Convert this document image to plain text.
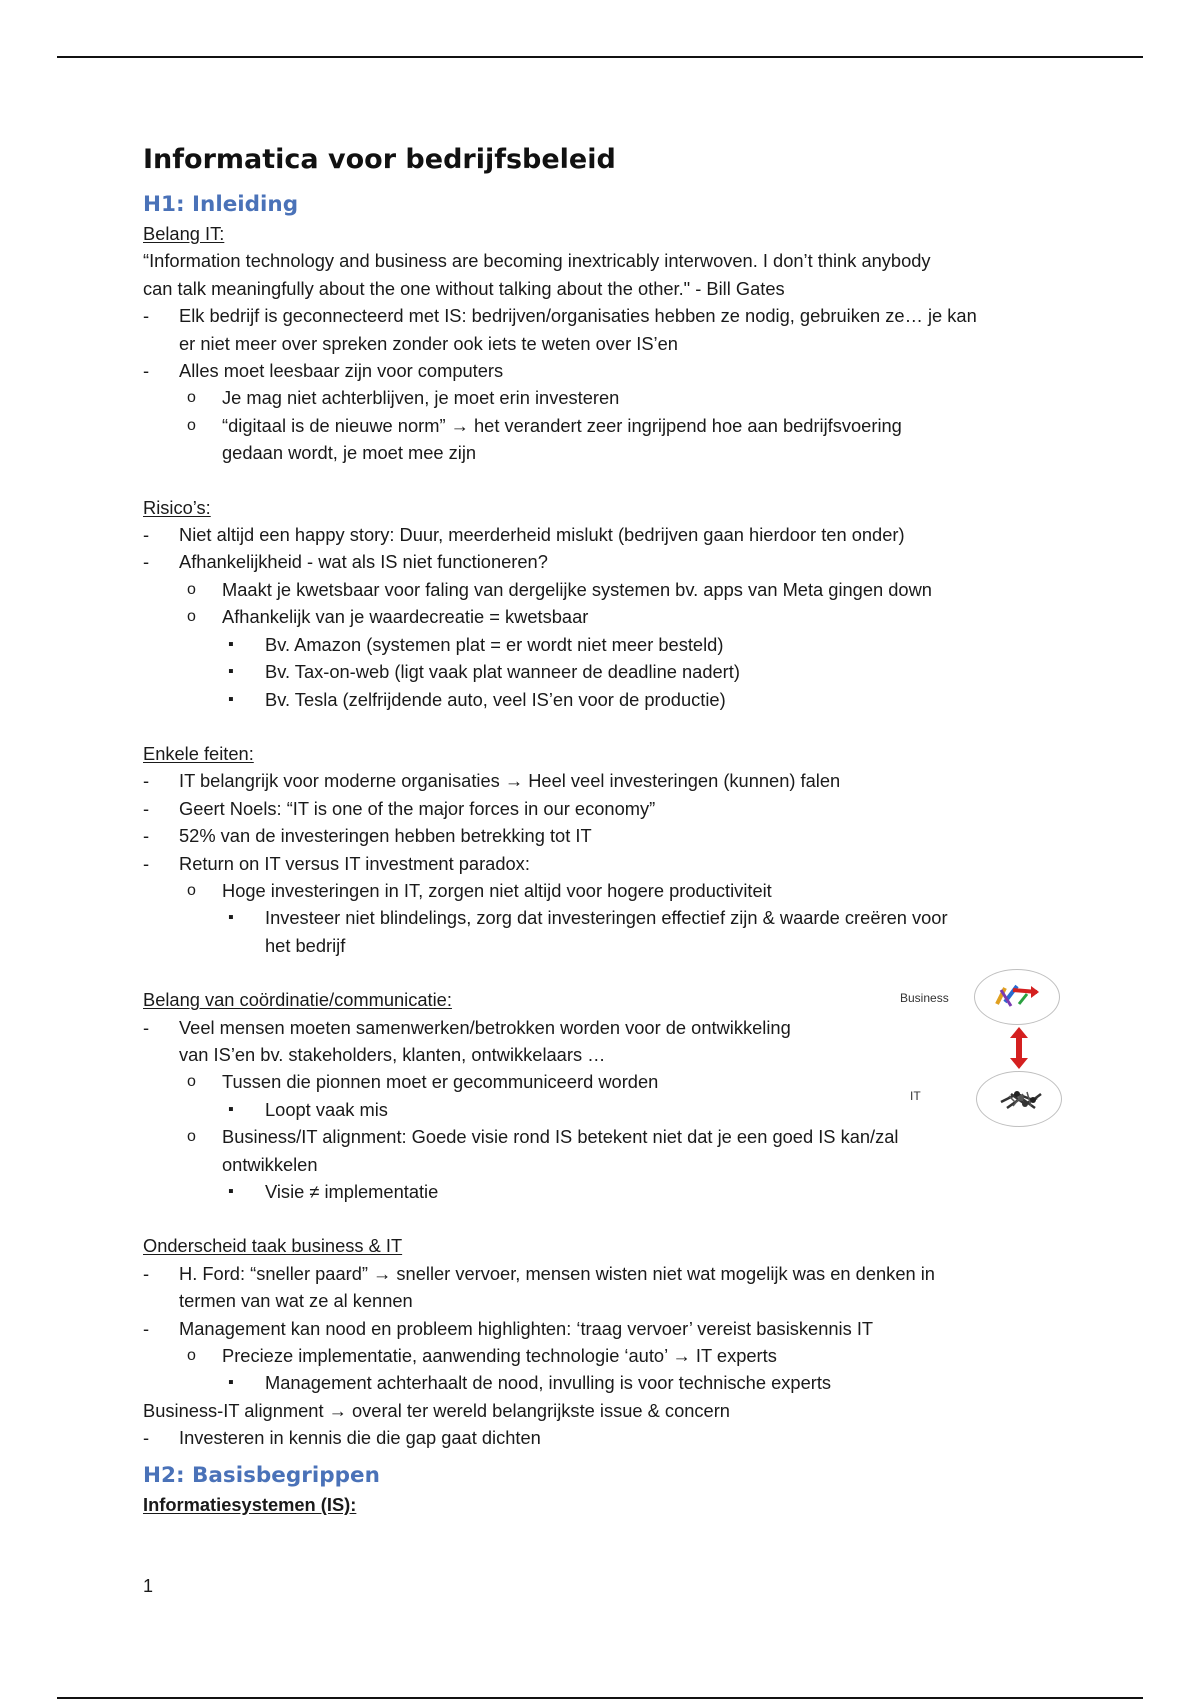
Informatica voor bedrijfsbeleid
H1: Inleiding
Belang IT:
“Information technology and business are becoming inextricably interwoven. I don’t think anybody
can talk meaningfully about the one without talking about the other." - Bill Gates
- Elk bedrijf is geconnecteerd met IS: bedrijven/organisaties hebben ze nodig, gebruiken ze… je kan
er niet meer over spreken zonder ook iets te weten over IS’en
- Alles moet leesbaar zijn voor computers
o Je mag niet achterblijven, je moet erin investeren
o “digitaal is de nieuwe norm” → het verandert zeer ingrijpend hoe aan bedrijfsvoering
gedaan wordt, je moet mee zijn
Risico’s:
- Niet altijd een happy story: Duur, meerderheid mislukt (bedrijven gaan hierdoor ten onder)
- Afhankelijkheid - wat als IS niet functioneren?
o Maakt je kwetsbaar voor faling van dergelijke systemen bv. apps van Meta gingen down
o Afhankelijk van je waardecreatie = kwetsbaar
▪ Bv. Amazon (systemen plat = er wordt niet meer besteld)
▪ Bv. Tax-on-web (ligt vaak plat wanneer de deadline nadert)
▪ Bv. Tesla (zelfrijdende auto, veel IS’en voor de productie)
Enkele feiten:
- IT belangrijk voor moderne organisaties → Heel veel investeringen (kunnen) falen
- Geert Noels: “IT is one of the major forces in our economy”
- 52% van de investeringen hebben betrekking tot IT
- Return on IT versus IT investment paradox:
o Hoge investeringen in IT, zorgen niet altijd voor hogere productiviteit
▪ Investeer niet blindelings, zorg dat investeringen effectief zijn & waarde creëren voor
het bedrijf
Belang van coördinatie/communicatie:
- Veel mensen moeten samenwerken/betrokken worden voor de ontwikkeling
van IS’en bv. stakeholders, klanten, ontwikkelaars …
o Tussen die pionnen moet er gecommuniceerd worden
▪ Loopt vaak mis
o Business/IT alignment: Goede visie rond IS betekent niet dat je een goed IS kan/zal
ontwikkelen
▪ Visie ≠ implementatie
Onderscheid taak business & IT
- H. Ford: “sneller paard” → sneller vervoer, mensen wisten niet wat mogelijk was en denken in
termen van wat ze al kennen
- Management kan nood en probleem highlighten: ‘traag vervoer’ vereist basiskennis IT
o Precieze implementatie, aanwending technologie ‘auto’ → IT experts
▪ Management achterhaalt de nood, invulling is voor technische experts
Business-IT alignment → overal ter wereld belangrijkste issue & concern
- Investeren in kennis die die gap gaat dichten
H2: Basisbegrippen
Informatiesystemen (IS):
Business
IT
1
